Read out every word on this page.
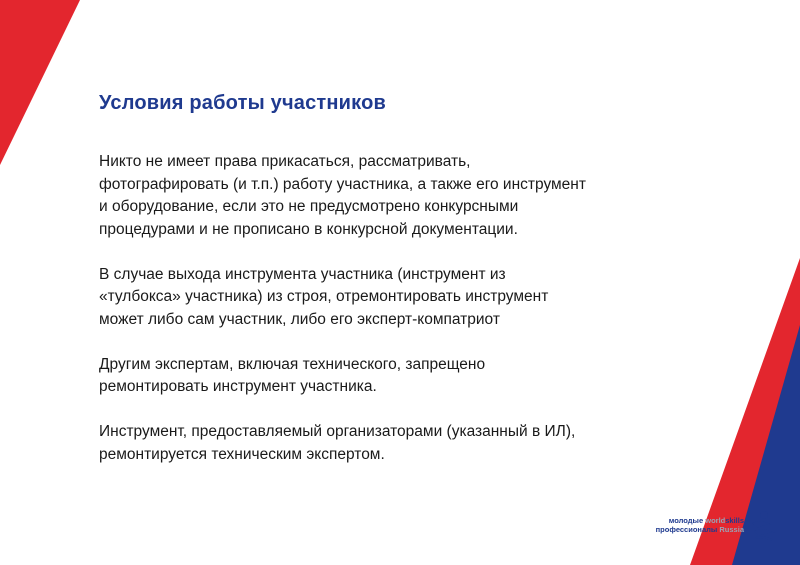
Условия работы участников

Никто не имеет права прикасаться, рассматривать,
фотографировать (и т.п.) работу участника, а также его инструмент
и оборудование, если это не предусмотрено конкурсными
процедурами и не прописано в конкурсной документации.

В случае выхода инструмента участника (инструмент из
«тулбокса» участника) из строя, отремонтировать инструмент
может либо сам участник, либо его эксперт-компатриот

Другим экспертам, включая технического, запрещено
ремонтировать инструмент участника.

Инструмент, предоставляемый организаторами (указанный в ИЛ),
ремонтируется техническим экспертом.

молодые worldskills
профессионалы Russia
